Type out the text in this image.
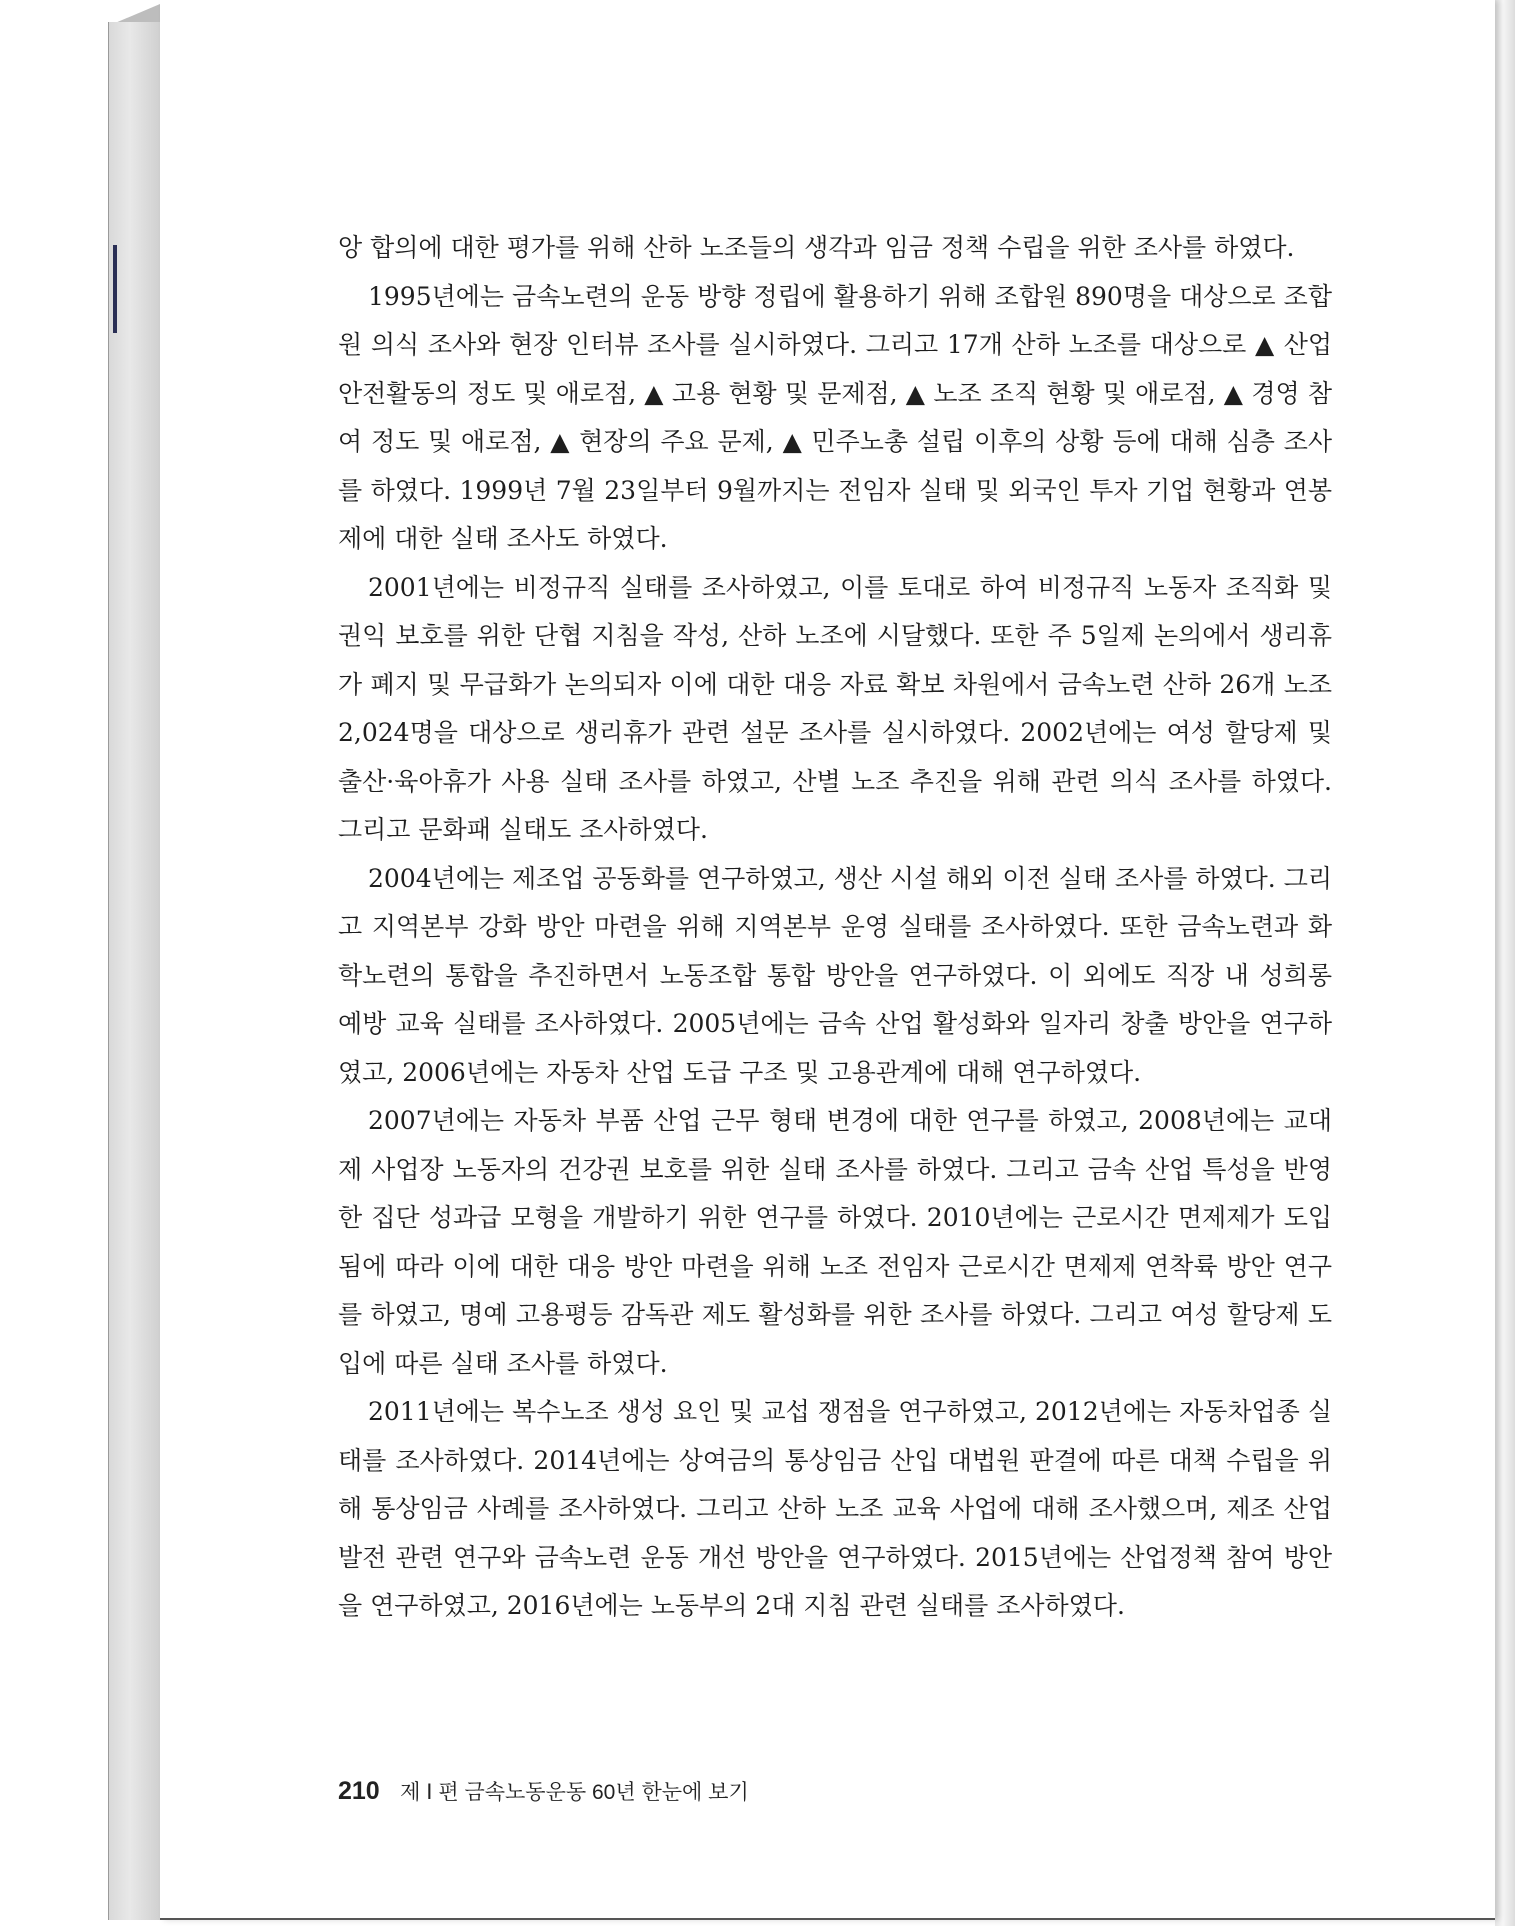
앙 합의에 대한 평가를 위해 산하 노조들의 생각과 임금 정책 수립을 위한 조사를 하였다.

1995년에는 금속노련의 운동 방향 정립에 활용하기 위해 조합원 890명을 대상으로 조합원 의식 조사와 현장 인터뷰 조사를 실시하였다. 그리고 17개 산하 노조를 대상으로 ▲ 산업안전활동의 정도 및 애로점, ▲ 고용 현황 및 문제점, ▲ 노조 조직 현황 및 애로점, ▲ 경영 참여 정도 및 애로점, ▲ 현장의 주요 문제, ▲ 민주노총 설립 이후의 상황 등에 대해 심층 조사를 하였다. 1999년 7월 23일부터 9월까지는 전임자 실태 및 외국인 투자 기업 현황과 연봉제에 대한 실태 조사도 하였다.

2001년에는 비정규직 실태를 조사하였고, 이를 토대로 하여 비정규직 노동자 조직화 및 권익 보호를 위한 단협 지침을 작성, 산하 노조에 시달했다. 또한 주 5일제 논의에서 생리휴가 폐지 및 무급화가 논의되자 이에 대한 대응 자료 확보 차원에서 금속노련 산하 26개 노조 2,024명을 대상으로 생리휴가 관련 설문 조사를 실시하였다. 2002년에는 여성 할당제 및 출산·육아휴가 사용 실태 조사를 하였고, 산별 노조 추진을 위해 관련 의식 조사를 하였다. 그리고 문화패 실태도 조사하였다.

2004년에는 제조업 공동화를 연구하였고, 생산 시설 해외 이전 실태 조사를 하였다. 그리고 지역본부 강화 방안 마련을 위해 지역본부 운영 실태를 조사하였다. 또한 금속노련과 화학노련의 통합을 추진하면서 노동조합 통합 방안을 연구하였다. 이 외에도 직장 내 성희롱 예방 교육 실태를 조사하였다. 2005년에는 금속 산업 활성화와 일자리 창출 방안을 연구하였고, 2006년에는 자동차 산업 도급 구조 및 고용관계에 대해 연구하였다.

2007년에는 자동차 부품 산업 근무 형태 변경에 대한 연구를 하였고, 2008년에는 교대제 사업장 노동자의 건강권 보호를 위한 실태 조사를 하였다. 그리고 금속 산업 특성을 반영한 집단 성과급 모형을 개발하기 위한 연구를 하였다. 2010년에는 근로시간 면제제가 도입됨에 따라 이에 대한 대응 방안 마련을 위해 노조 전임자 근로시간 면제제 연착륙 방안 연구를 하였고, 명예 고용평등 감독관 제도 활성화를 위한 조사를 하였다. 그리고 여성 할당제 도입에 따른 실태 조사를 하였다.

2011년에는 복수노조 생성 요인 및 교섭 쟁점을 연구하였고, 2012년에는 자동차업종 실태를 조사하였다. 2014년에는 상여금의 통상임금 산입 대법원 판결에 따른 대책 수립을 위해 통상임금 사례를 조사하였다. 그리고 산하 노조 교육 사업에 대해 조사했으며, 제조 산업 발전 관련 연구와 금속노련 운동 개선 방안을 연구하였다. 2015년에는 산업정책 참여 방안을 연구하였고, 2016년에는 노동부의 2대 지침 관련 실태를 조사하였다.

210 제 Ⅰ 편 금속노동운동 60년 한눈에 보기
